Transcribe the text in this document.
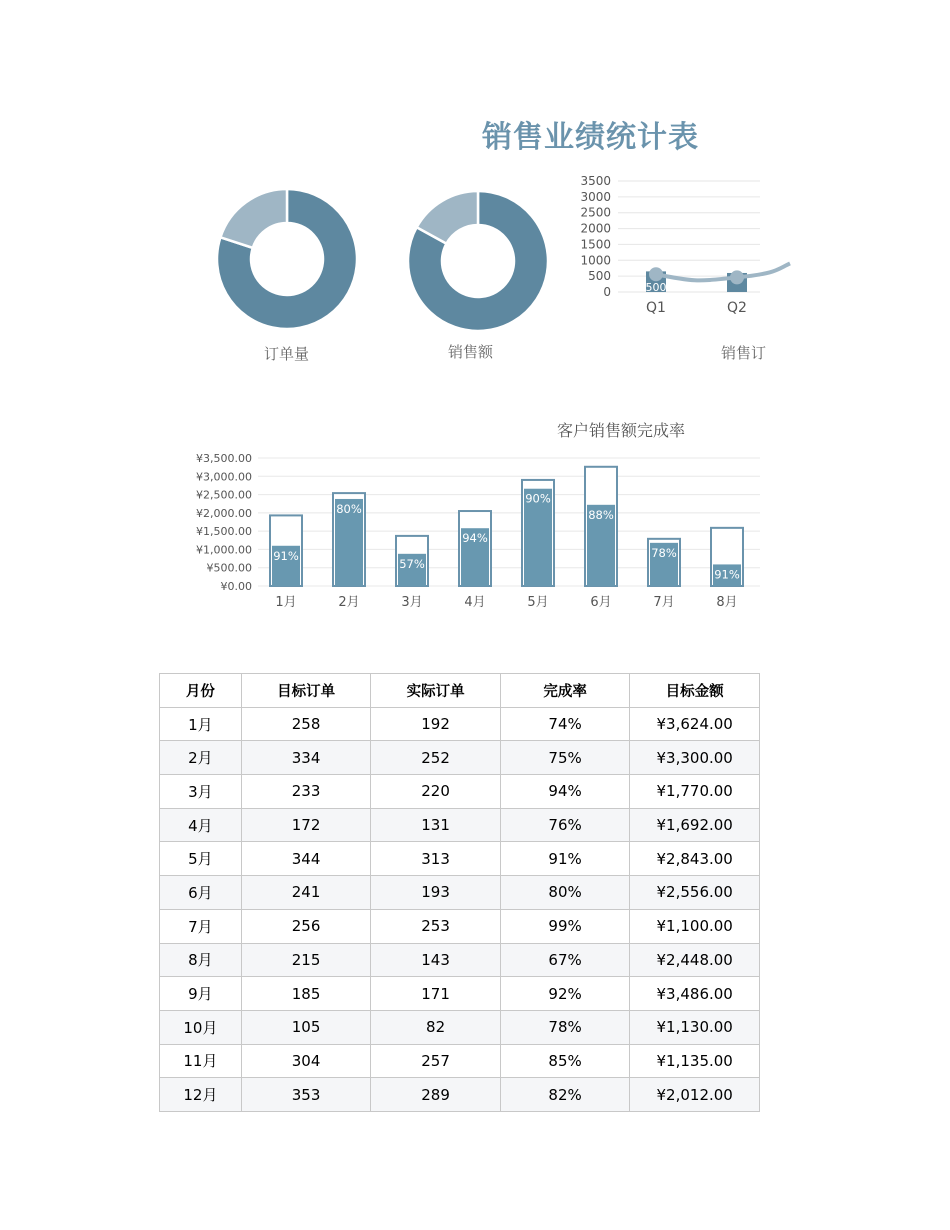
销售业绩统计表
订单量	销售额
3500
3000
2500
2000
1500
1000
500
0	500
Q1	Q2
销售订
客户销售额完成率
¥3,500.00
¥3,000.00
¥2,500.00
¥2,000.00
¥1,500.00
¥1,000.00
¥500.00
¥0.00
91%
1月
80%
2月
57%
3月
94%
4月
90%
5月
88%
6月
78%
7月
91%
8月
月份	目标订单	实际订单	完成率	目标金额
1月	258	192	74%	¥3,624.00
2月	334	252	75%	¥3,300.00
3月	233	220	94%	¥1,770.00
4月	172	131	76%	¥1,692.00
5月	344	313	91%	¥2,843.00
6月	241	193	80%	¥2,556.00
7月	256	253	99%	¥1,100.00
8月	215	143	67%	¥2,448.00
9月	185	171	92%	¥3,486.00
10月	105	82	78%	¥1,130.00
11月	304	257	85%	¥1,135.00
12月	353	289	82%	¥2,012.00
